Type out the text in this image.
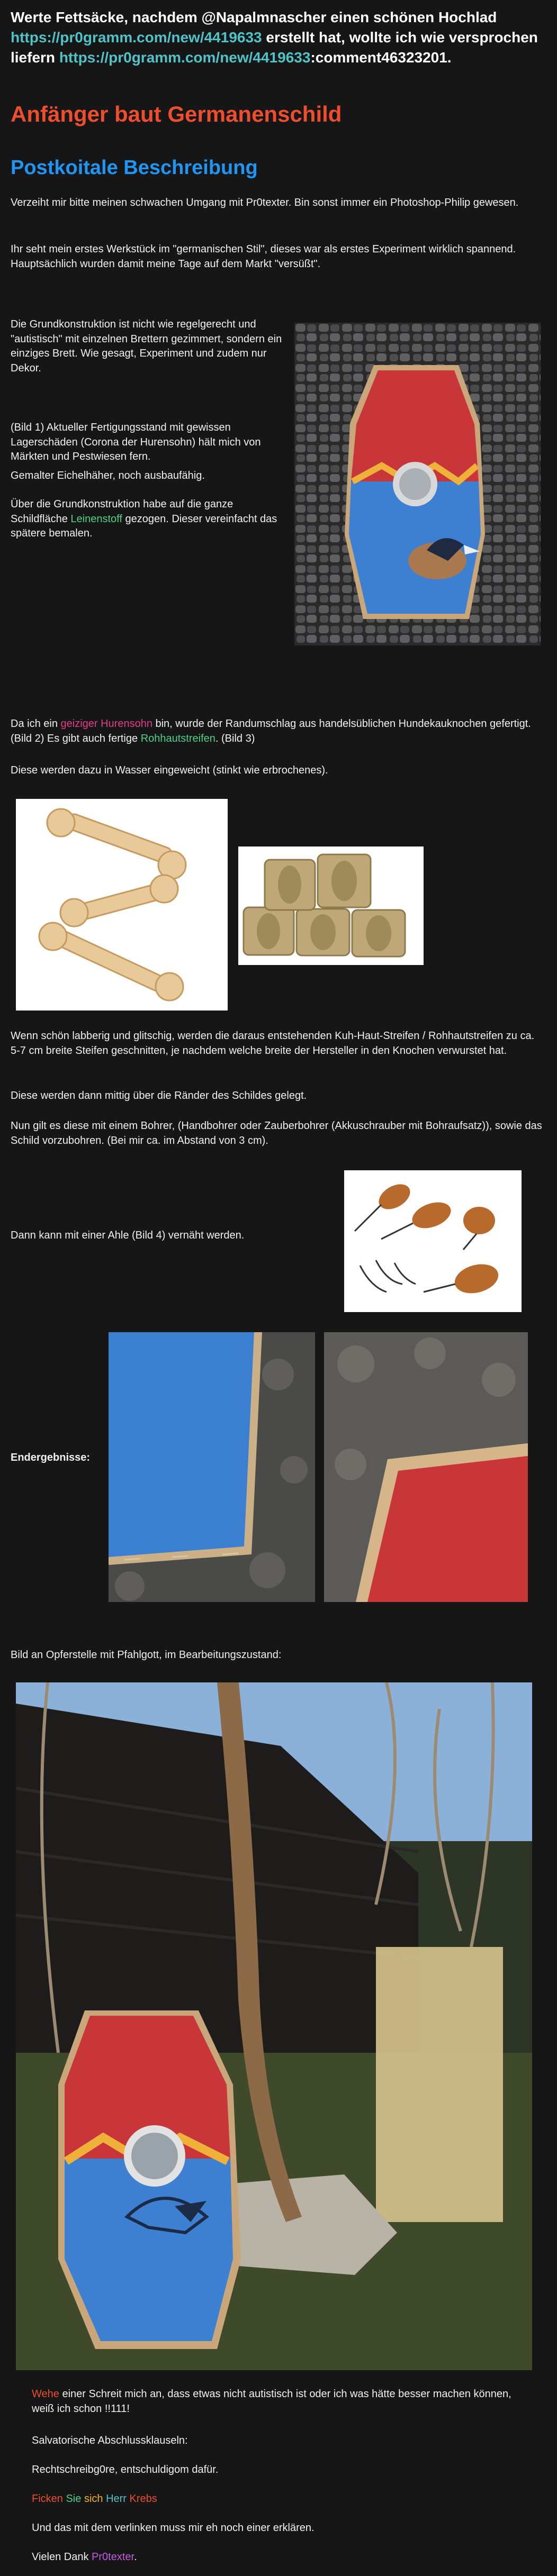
Werte Fettsäcke, nachdem @Napalmnascher einen schönen Hochlad
https://pr0gramm.com/new/4419633 erstellt hat, wollte ich wie versprochen liefern https://pr0gramm.com/new/4419633:comment46323201.

Anfänger baut Germanenschild
Postkoitale Beschreibung

Verzeiht mir bitte meinen schwachen Umgang mit Pr0texter. Bin sonst immer ein Photoshop-Philip gewesen.

Ihr seht mein erstes Werkstück im "germanischen Stil", dieses war als erstes Experiment wirklich spannend. Hauptsächlich wurden damit meine Tage auf dem Markt "versüßt".

Die Grundkonstruktion ist nicht wie regelgerecht und "autistisch" mit einzelnen Brettern gezimmert, sondern ein einziges Brett. Wie gesagt, Experiment und zudem nur Dekor.

(Bild 1) Aktueller Fertigungsstand mit gewissen Lagerschäden (Corona der Hurensohn) hält mich von Märkten und Pestwiesen fern.

Gemalter Eichelhäher, noch ausbaufähig.

Über die Grundkonstruktion habe auf die ganze Schildfläche Leinenstoff gezogen. Dieser vereinfacht das spätere bemalen.

Da ich ein geiziger Hurensohn bin, wurde der Randumschlag aus handelsüblichen Hundekauknochen gefertigt.(Bild 2) Es gibt auch fertige Rohhautstreifen. (Bild 3)

Diese werden dazu in Wasser eingeweicht (stinkt wie erbrochenes).

Wenn schön labberig und glitschig, werden die daraus entstehenden Kuh-Haut-Streifen / Rohhautstreifen zu ca. 5-7 cm breite Steifen geschnitten, je nachdem welche breite der Hersteller in den Knochen verwurstet hat.

Diese werden dann mittig über die Ränder des Schildes gelegt.

Nun gilt es diese mit einem Bohrer, (Handbohrer oder Zauberbohrer (Akkuschrauber mit Bohraufsatz)), sowie das Schild vorzubohren. (Bei mir ca. im Abstand von 3 cm).

Dann kann mit einer Ahle (Bild 4) vernäht werden.

Endergebnisse:

Bild an Opferstelle mit Pfahlgott, im Bearbeitungszustand:

Wehe einer Schreit mich an, dass etwas nicht autistisch ist oder ich was hätte besser machen können, weiß ich schon !!111!

Salvatorische Abschlussklauseln:

Rechtschreibg0re, entschuldigom dafür.

Ficken Sie sich Herr Krebs

Und das mit dem verlinken muss mir eh noch einer erklären.

Vielen Dank Pr0texter.
